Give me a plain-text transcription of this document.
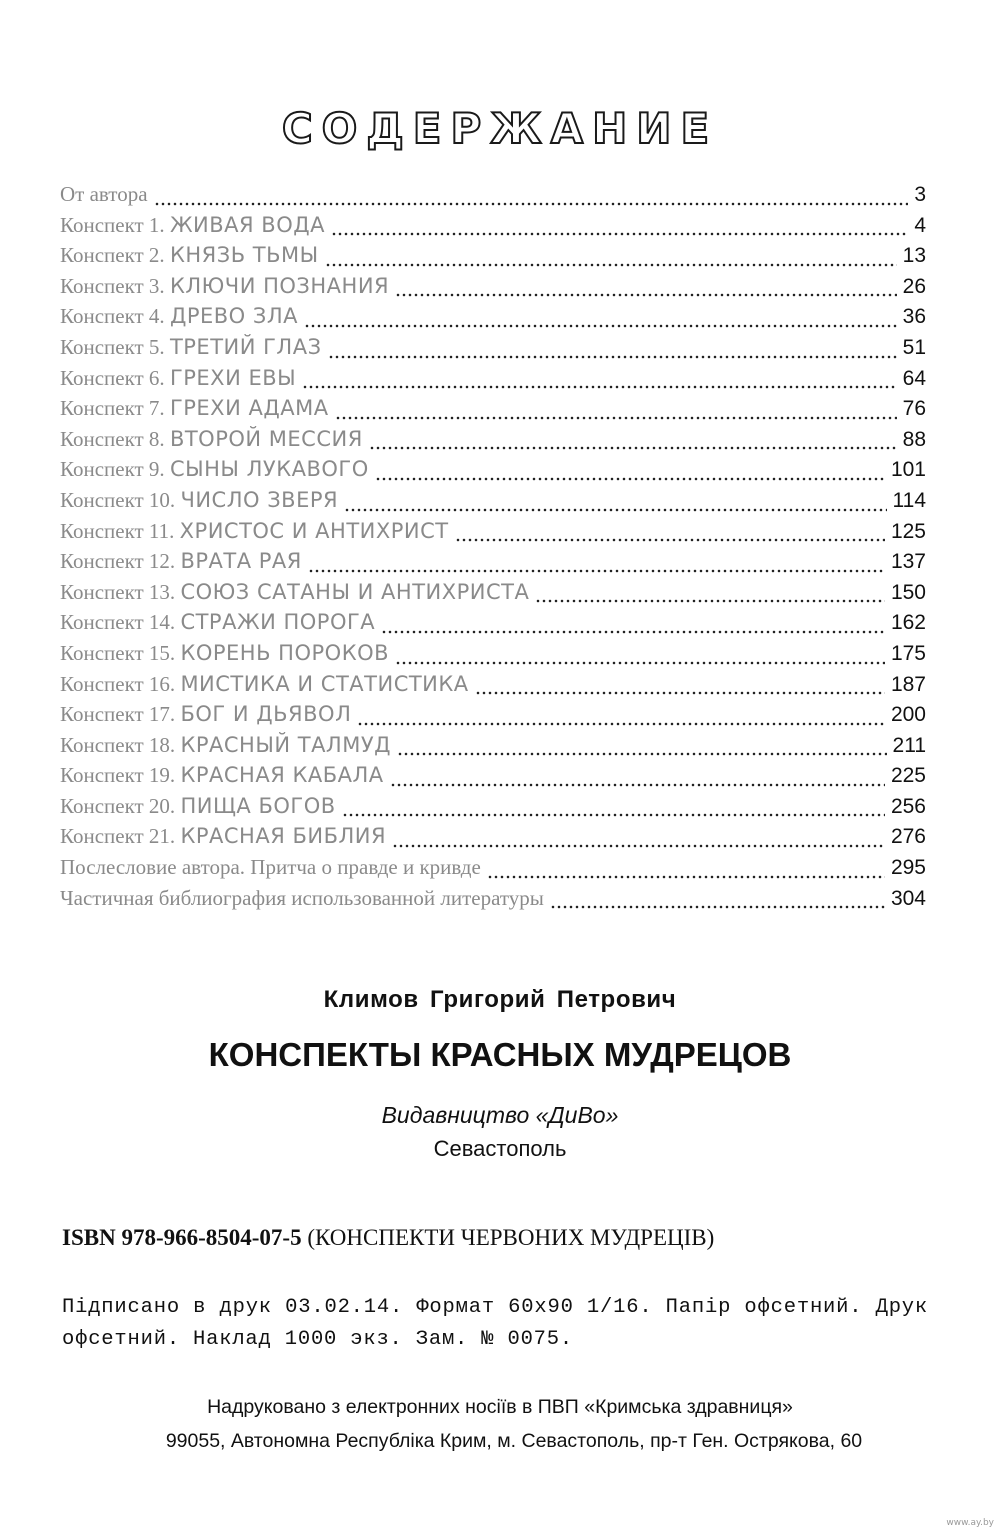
СОДЕРЖАНИЕ
От автора	3
Конспект 1. ЖИВАЯ ВОДА	4
Конспект 2. КНЯЗЬ ТЬМЫ	13
Конспект 3. КЛЮЧИ ПОЗНАНИЯ	26
Конспект 4. ДРЕВО ЗЛА	36
Конспект 5. ТРЕТИЙ ГЛАЗ	51
Конспект 6. ГРЕХИ ЕВЫ	64
Конспект 7. ГРЕХИ АДАМА	76
Конспект 8. ВТОРОЙ МЕССИЯ	88
Конспект 9. СЫНЫ ЛУКАВОГО	101
Конспект 10. ЧИСЛО ЗВЕРЯ	114
Конспект 11. ХРИСТОС И АНТИХРИСТ	125
Конспект 12. ВРАТА РАЯ	137
Конспект 13. СОЮЗ САТАНЫ И АНТИХРИСТА	150
Конспект 14. СТРАЖИ ПОРОГА	162
Конспект 15. КОРЕНЬ ПОРОКОВ	175
Конспект 16. МИСТИКА И СТАТИСТИКА	187
Конспект 17. БОГ И ДЬЯВОЛ	200
Конспект 18. КРАСНЫЙ ТАЛМУД	211
Конспект 19. КРАСНАЯ КАБАЛА	225
Конспект 20. ПИЩА БОГОВ	256
Конспект 21. КРАСНАЯ БИБЛИЯ	276
Послесловие автора. Притча о правде и кривде	295
Частичная библиография использованной литературы	304
Климов Григорий Петрович
КОНСПЕКТЫ КРАСНЫХ МУДРЕЦОВ
Видавництво «ДиВо»
Севастополь
ISBN 978-966-8504-07-5 (КОНСПЕКТИ ЧЕРВОНИХ МУДРЕЦІВ)
Підписано в друк 03.02.14. Формат 60х90 1/16. Папір офсетний. Друк офсетний. Наклад 1000 экз. Зам. № 0075.
Надруковано з електронних носіїв в ПВП «Кримська здравниця»
99055, Автономна Республіка Крим, м. Севастополь, пр-т Ген. Острякова, 60
www.ay.by
